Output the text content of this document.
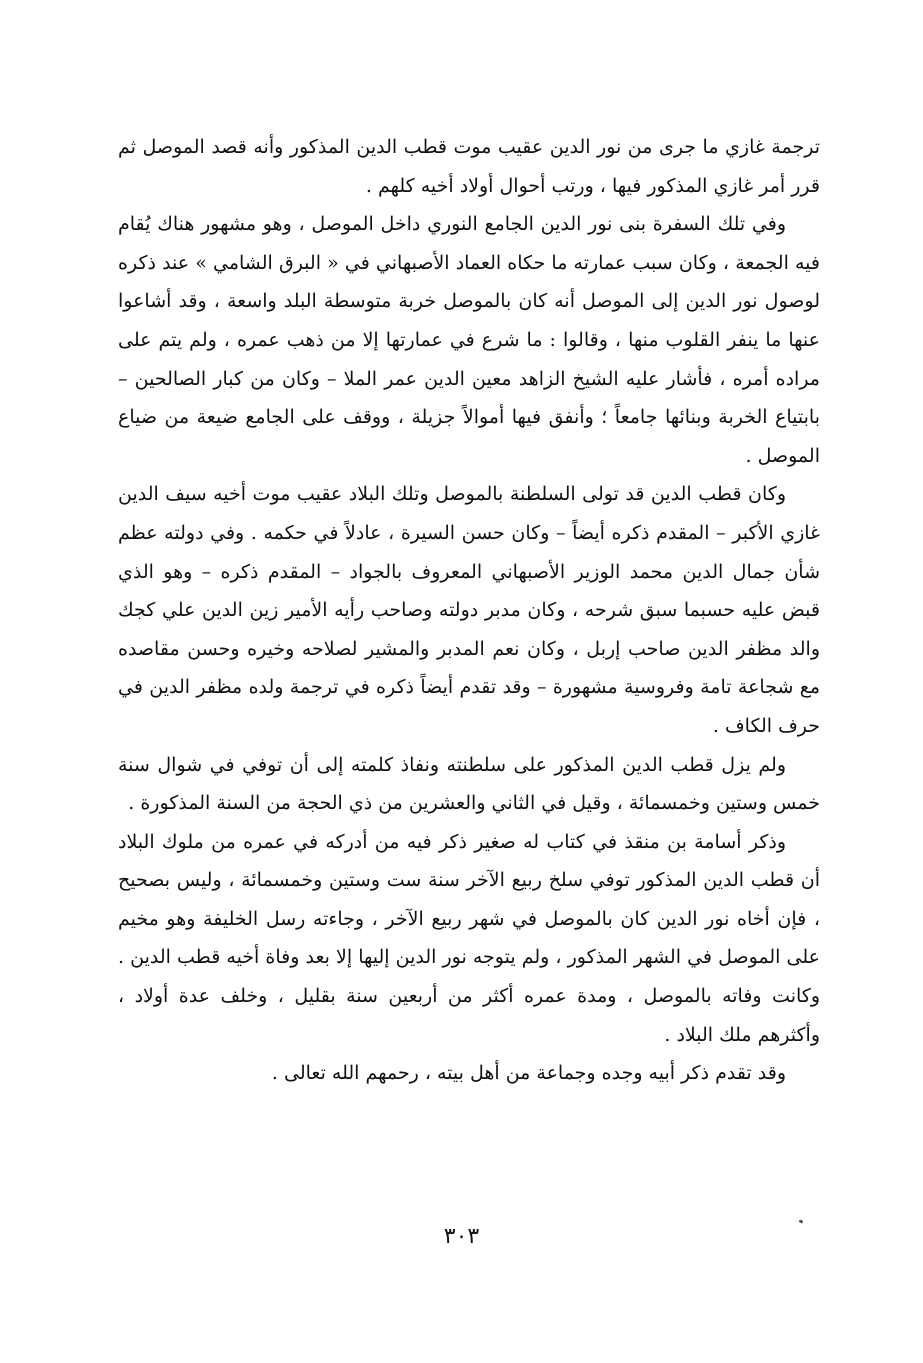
ترجمة غازي ما جرى من نور الدين عقيب موت قطب الدين المذكور وأنه قصد الموصل ثم قرر أمر غازي المذكور فيها ، ورتب أحوال أولاد أخيه كلهم .

وفي تلك السفرة بنى نور الدين الجامع النوري داخل الموصل ، وهو مشهور هناك يُقام فيه الجمعة ، وكان سبب عمارته ما حكاه العماد الأصبهاني في « البرق الشامي » عند ذكره لوصول نور الدين إلى الموصل أنه كان بالموصل خربة متوسطة البلد واسعة ، وقد أشاعوا عنها ما ينفر القلوب منها ، وقالوا : ما شرع في عمارتها إلا من ذهب عمره ، ولم يتم على مراده أمره ، فأشار عليه الشيخ الزاهد معين الدين عمر الملا – وكان من كبار الصالحين – بابتياع الخربة وبنائها جامعاً ؛ وأنفق فيها أموالاً جزيلة ، ووقف على الجامع ضيعة من ضياع الموصل .

وكان قطب الدين قد تولى السلطنة بالموصل وتلك البلاد عقيب موت أخيه سيف الدين غازي الأكبر – المقدم ذكره أيضاً – وكان حسن السيرة ، عادلاً في حكمه . وفي دولته عظم شأن جمال الدين محمد الوزير الأصبهاني المعروف بالجواد – المقدم ذكره – وهو الذي قبض عليه حسبما سبق شرحه ، وكان مدبر دولته وصاحب رأيه الأمير زين الدين علي كجك والد مظفر الدين صاحب إربل ، وكان نعم المدبر والمشير لصلاحه وخيره وحسن مقاصده مع شجاعة تامة وفروسية مشهورة – وقد تقدم أيضاً ذكره في ترجمة ولده مظفر الدين في حرف الكاف .

ولم يزل قطب الدين المذكور على سلطنته ونفاذ كلمته إلى أن توفي في شوال سنة خمس وستين وخمسمائة ، وقيل في الثاني والعشرين من ذي الحجة من السنة المذكورة .

وذكر أسامة بن منقذ في كتاب له صغير ذكر فيه من أدركه في عمره من ملوك البلاد أن قطب الدين المذكور توفي سلخ ربيع الآخر سنة ست وستين وخمسمائة ، وليس بصحيح ، فإن أخاه نور الدين كان بالموصل في شهر ربيع الآخر ، وجاءته رسل الخليفة وهو مخيم على الموصل في الشهر المذكور ، ولم يتوجه نور الدين إليها إلا بعد وفاة أخيه قطب الدين . وكانت وفاته بالموصل ، ومدة عمره أكثر من أربعين سنة بقليل ، وخلف عدة أولاد ، وأكثرهم ملك البلاد .

وقد تقدم ذكر أبيه وجده وجماعة من أهل بيته ، رحمهم الله تعالى .

٣٠٣
